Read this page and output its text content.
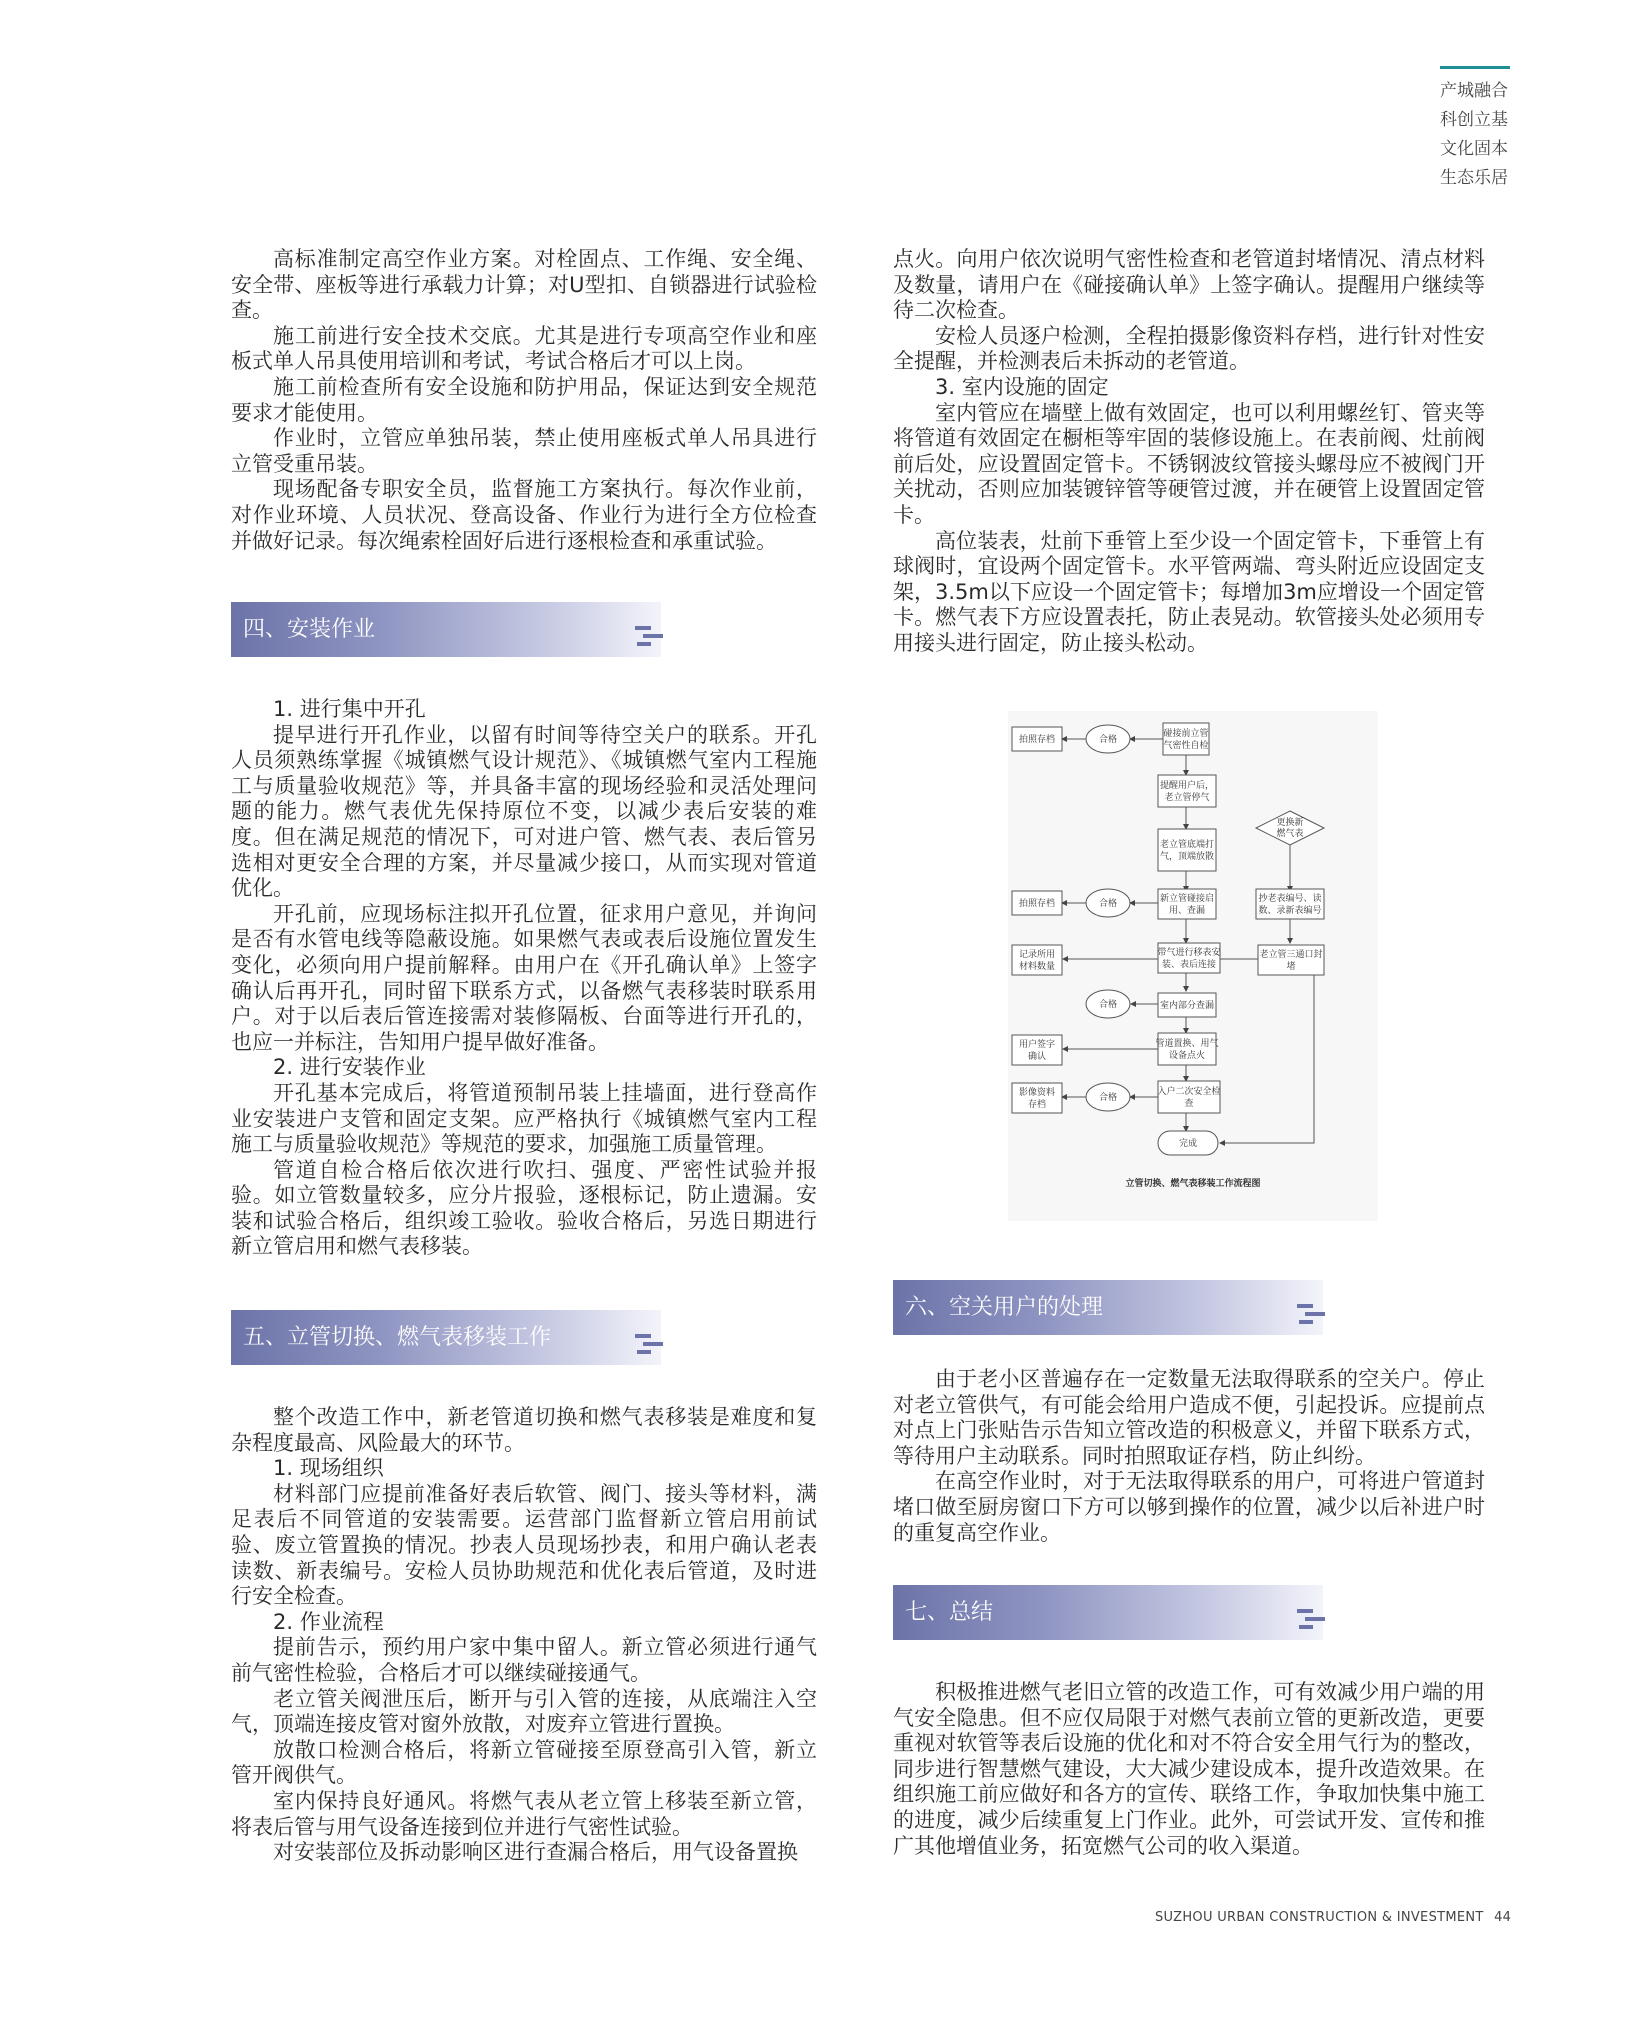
产城融合
科创立基
文化固本
生态乐居

高标准制定高空作业方案。对栓固点、工作绳、安全绳、安全带、座板等进行承载力计算；对U型扣、自锁器进行试验检查。

施工前进行安全技术交底。尤其是进行专项高空作业和座板式单人吊具使用培训和考试，考试合格后才可以上岗。

施工前检查所有安全设施和防护用品，保证达到安全规范要求才能使用。

作业时，立管应单独吊装，禁止使用座板式单人吊具进行立管受重吊装。

现场配备专职安全员，监督施工方案执行。每次作业前，对作业环境、人员状况、登高设备、作业行为进行全方位检查并做好记录。每次绳索栓固好后进行逐根检查和承重试验。

四、安装作业

1. 进行集中开孔

提早进行开孔作业，以留有时间等待空关户的联系。开孔人员须熟练掌握《城镇燃气设计规范》、《城镇燃气室内工程施工与质量验收规范》等，并具备丰富的现场经验和灵活处理问题的能力。燃气表优先保持原位不变，以减少表后安装的难度。但在满足规范的情况下，可对进户管、燃气表、表后管另选相对更安全合理的方案，并尽量减少接口，从而实现对管道优化。

开孔前，应现场标注拟开孔位置，征求用户意见，并询问是否有水管电线等隐蔽设施。如果燃气表或表后设施位置发生变化，必须向用户提前解释。由用户在《开孔确认单》上签字确认后再开孔，同时留下联系方式，以备燃气表移装时联系用户。对于以后表后管连接需对装修隔板、台面等进行开孔的，也应一并标注，告知用户提早做好准备。

2. 进行安装作业

开孔基本完成后，将管道预制吊装上挂墙面，进行登高作业安装进户支管和固定支架。应严格执行《城镇燃气室内工程施工与质量验收规范》等规范的要求，加强施工质量管理。

管道自检合格后依次进行吹扫、强度、严密性试验并报验。如立管数量较多，应分片报验，逐根标记，防止遗漏。安装和试验合格后，组织竣工验收。验收合格后，另选日期进行新立管启用和燃气表移装。

五、立管切换、燃气表移装工作

整个改造工作中，新老管道切换和燃气表移装是难度和复杂程度最高、风险最大的环节。

1. 现场组织

材料部门应提前准备好表后软管、阀门、接头等材料，满足表后不同管道的安装需要。运营部门监督新立管启用前试验、废立管置换的情况。抄表人员现场抄表，和用户确认老表读数、新表编号。安检人员协助规范和优化表后管道，及时进行安全检查。

2. 作业流程

提前告示，预约用户家中集中留人。新立管必须进行通气前气密性检验，合格后才可以继续碰接通气。

老立管关阀泄压后，断开与引入管的连接，从底端注入空气，顶端连接皮管对窗外放散，对废弃立管进行置换。

放散口检测合格后，将新立管碰接至原登高引入管，新立管开阀供气。

室内保持良好通风。将燃气表从老立管上移装至新立管，将表后管与用气设备连接到位并进行气密性试验。

对安装部位及拆动影响区进行查漏合格后，用气设备置换

点火。向用户依次说明气密性检查和老管道封堵情况、清点材料及数量，请用户在《碰接确认单》上签字确认。提醒用户继续等待二次检查。

安检人员逐户检测，全程拍摄影像资料存档，进行针对性安全提醒，并检测表后未拆动的老管道。

3. 室内设施的固定

室内管应在墙壁上做有效固定，也可以利用螺丝钉、管夹等将管道有效固定在橱柜等牢固的装修设施上。在表前阀、灶前阀前后处，应设置固定管卡。不锈钢波纹管接头螺母应不被阀门开关扰动，否则应加装镀锌管等硬管过渡，并在硬管上设置固定管卡。

高位装表，灶前下垂管上至少设一个固定管卡，下垂管上有球阀时，宜设两个固定管卡。水平管两端、弯头附近应设固定支架，3.5m以下应设一个固定管卡；每增加3m应增设一个固定管卡。燃气表下方应设置表托，防止表晃动。软管接头处必须用专用接头进行固定，防止接头松动。

拍照存档	合格
碰接前立管
气密性自检
提醒用户后，
老立管停气
老立管底端打
气，顶端放散
更换新
燃气表
拍照存档	合格	新立管碰接启
用、查漏
抄老表编号、读
数、录新表编号
记录所用
材料数量
带气进行移表安
装、表后连接
老立管三通口封
堵
合格	室内部分查漏
用户签字
确认
管道置换、用气
设备点火
影像资料
存档
合格
入户二次安全检
查
完成
立管切换、燃气表移装工作流程图
六、空关用户的处理

由于老小区普遍存在一定数量无法取得联系的空关户。停止对老立管供气，有可能会给用户造成不便，引起投诉。应提前点对点上门张贴告示告知立管改造的积极意义，并留下联系方式，等待用户主动联系。同时拍照取证存档，防止纠纷。

在高空作业时，对于无法取得联系的用户，可将进户管道封堵口做至厨房窗口下方可以够到操作的位置，减少以后补进户时的重复高空作业。

七、总结

积极推进燃气老旧立管的改造工作，可有效减少用户端的用气安全隐患。但不应仅局限于对燃气表前立管的更新改造，更要重视对软管等表后设施的优化和对不符合安全用气行为的整改，同步进行智慧燃气建设，大大减少建设成本，提升改造效果。在组织施工前应做好和各方的宣传、联络工作，争取加快集中施工的进度，减少后续重复上门作业。此外，可尝试开发、宣传和推广其他增值业务，拓宽燃气公司的收入渠道。

SUZHOU URBAN CONSTRUCTION & INVESTMENT 44
